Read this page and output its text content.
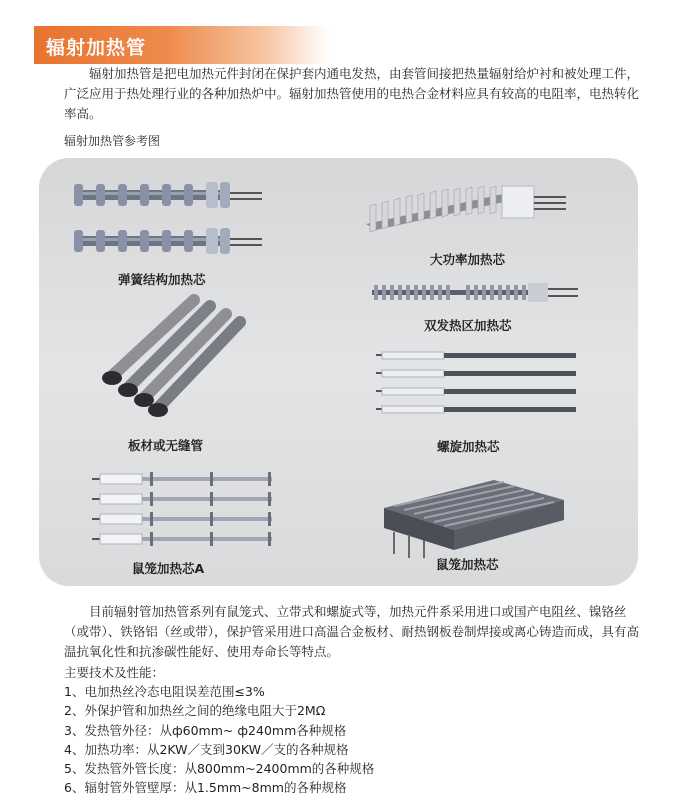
辐射加热管

辐射加热管是把电加热元件封闭在保护套内通电发热，由套管间接把热量辐射给炉衬和被处理工件，广泛应用于热处理行业的各种加热炉中。辐射加热管使用的电热合金材料应具有较高的电阻率，电热转化率高。

辐射加热管参考图
弹簧结构加热芯
大功率加热芯
双发热区加热芯
板材或无缝管	螺旋加热芯
鼠笼加热芯A	鼠笼加热芯

目前辐射管加热管系列有鼠笼式、立带式和螺旋式等，加热元件系采用进口或国产电阻丝、镍铬丝（或带）、铁铬铝（丝或带），保护管采用进口高温合金板材、耐热钢板卷制焊接或离心铸造而成，具有高温抗氧化性和抗渗碳性能好、使用寿命长等特点。

主要技术及性能：
1、电加热丝冷态电阻误差范围≤3%
2、外保护管和加热丝之间的绝缘电阻大于2MΩ
3、发热管外径：从ф60mm~ ф240mm各种规格
4、加热功率：从2KW／支到30KW／支的各种规格
5、发热管外管长度：从800mm~2400mm的各种规格
6、辐射管外管壁厚：从1.5mm~8mm的各种规格
